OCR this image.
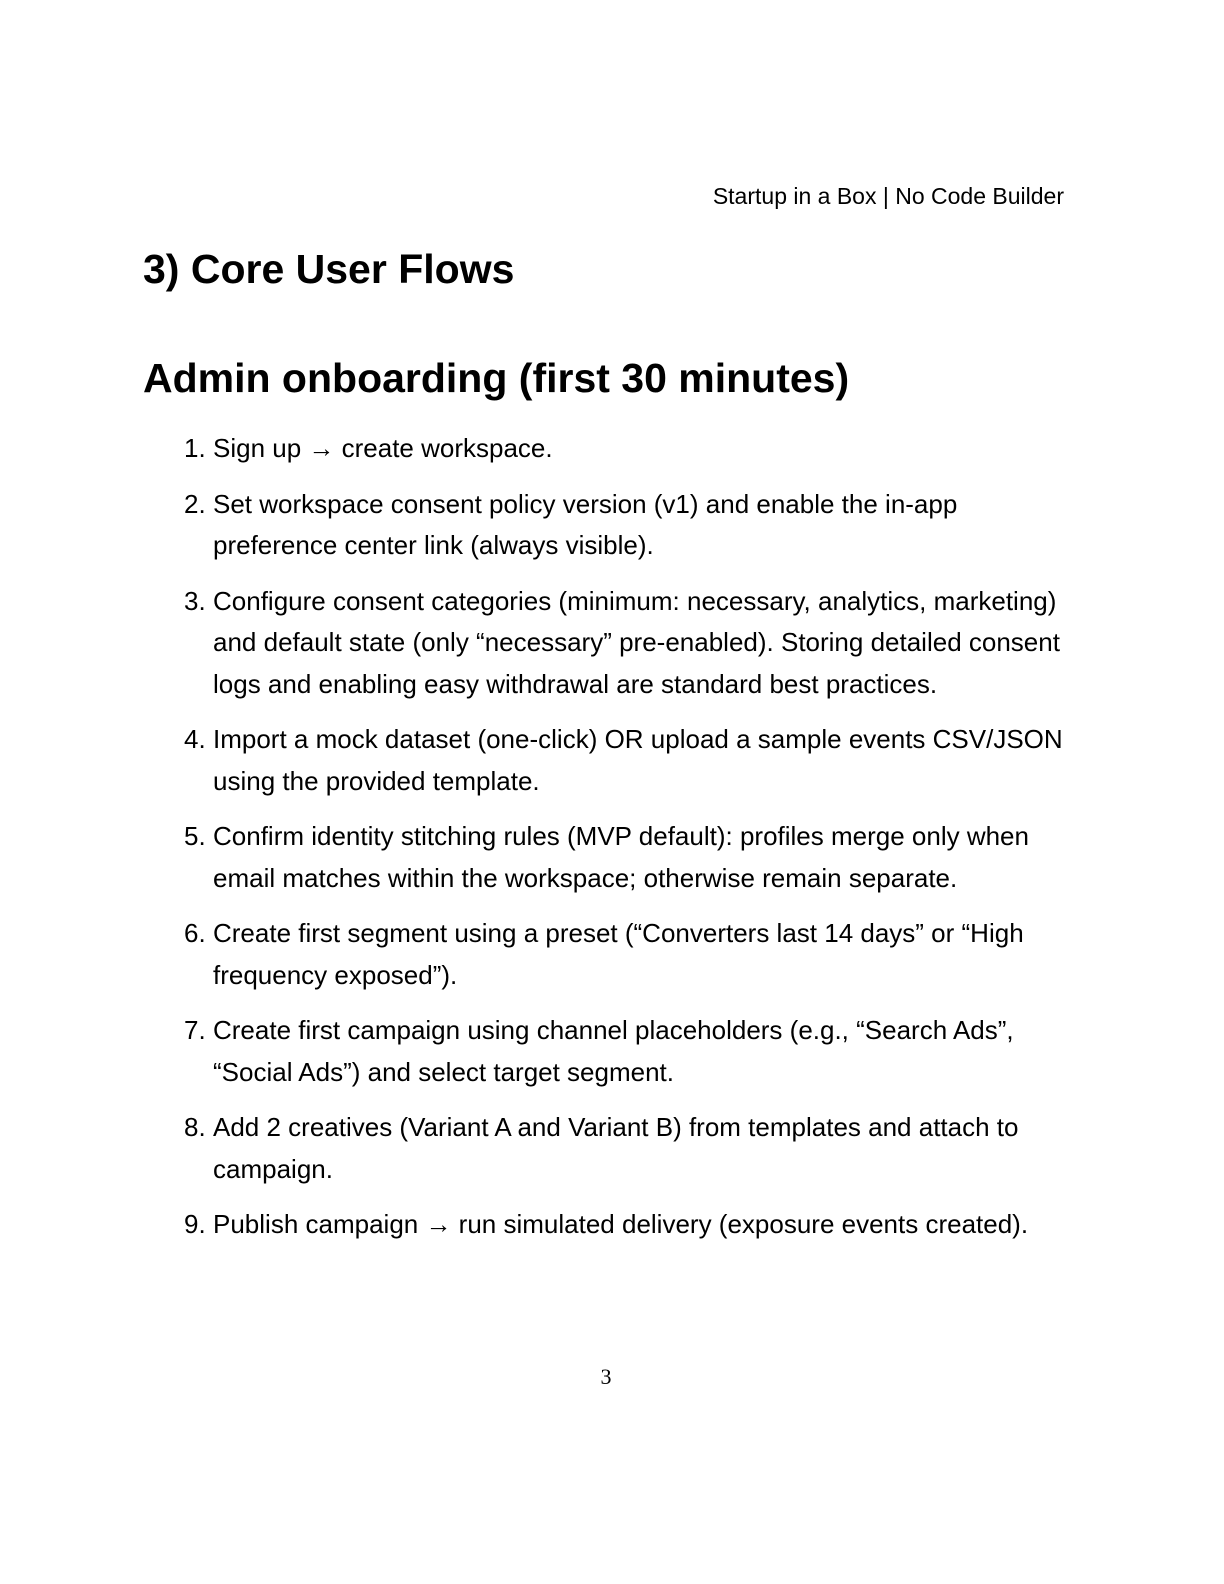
Startup in a Box | No Code Builder
3) Core User Flows
Admin onboarding (first 30 minutes)
1. Sign up → create workspace.
2. Set workspace consent policy version (v1) and enable the in-app preference center link (always visible).
3. Configure consent categories (minimum: necessary, analytics, marketing) and default state (only “necessary” pre-enabled). Storing detailed consent logs and enabling easy withdrawal are standard best practices.
4. Import a mock dataset (one-click) OR upload a sample events CSV/JSON using the provided template.
5. Confirm identity stitching rules (MVP default): profiles merge only when email matches within the workspace; otherwise remain separate.
6. Create first segment using a preset (“Converters last 14 days” or “High frequency exposed”).
7. Create first campaign using channel placeholders (e.g., “Search Ads”, “Social Ads”) and select target segment.
8. Add 2 creatives (Variant A and Variant B) from templates and attach to campaign.
9. Publish campaign → run simulated delivery (exposure events created).
3
